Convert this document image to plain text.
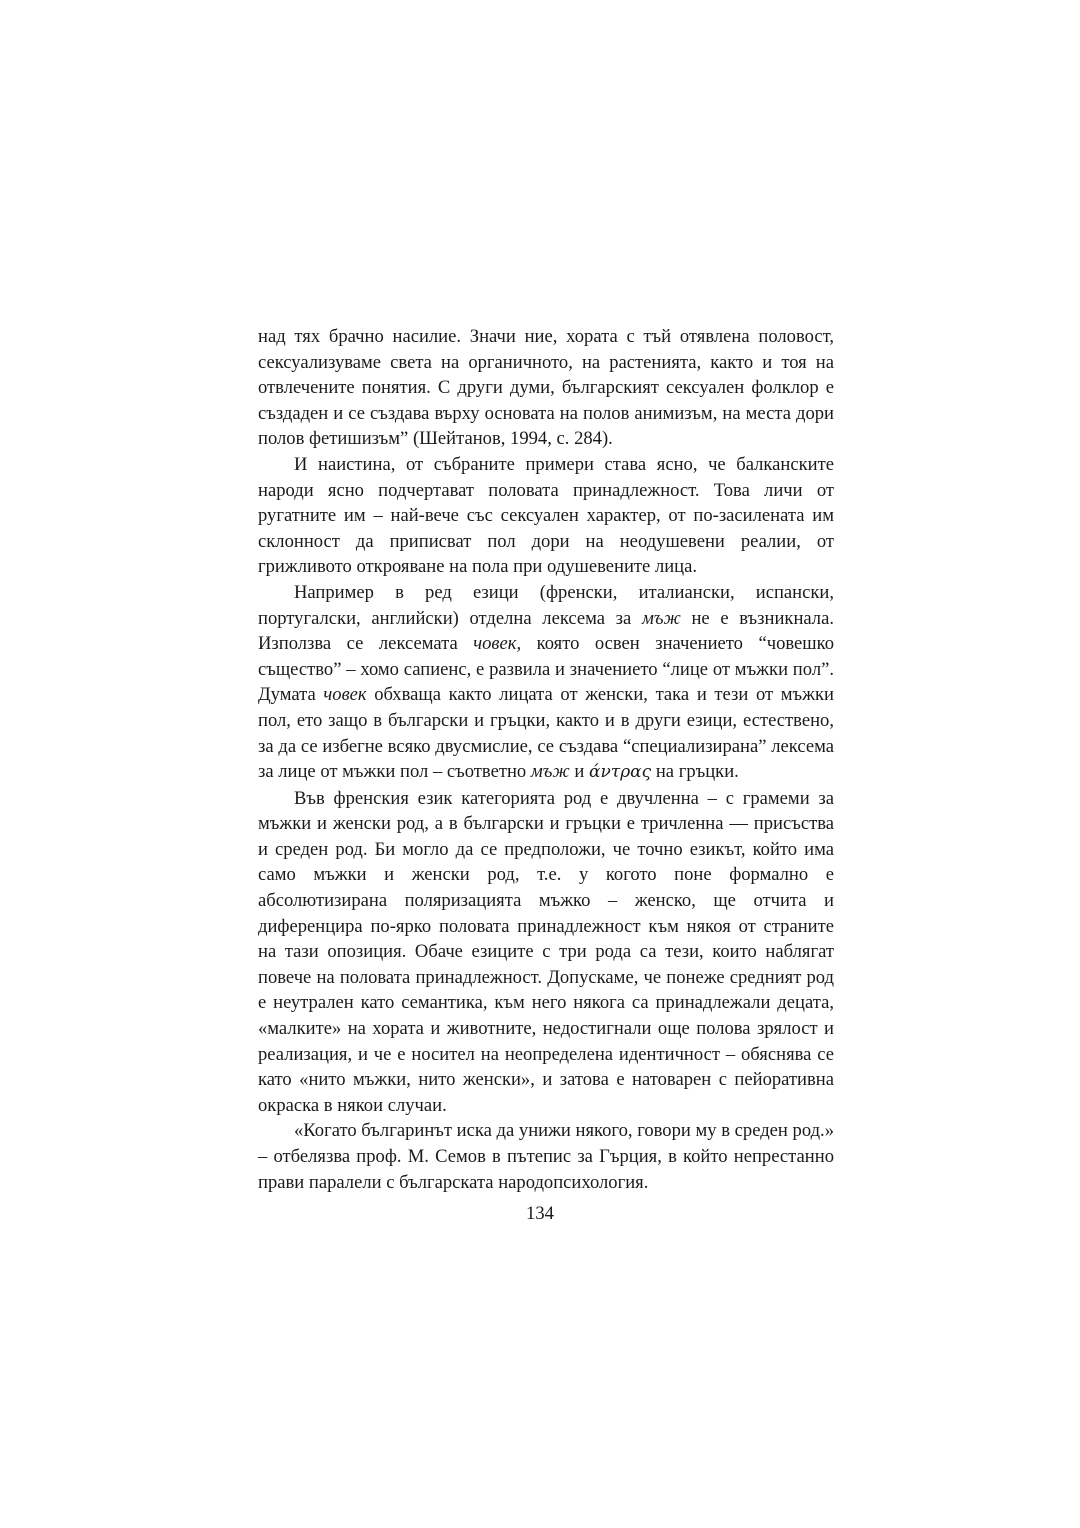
над тях брачно насилие. Значи ние, хората с тъй отявлена половост, сексуализуваме света на органичното, на растенията, както и тоя на отвлечените понятия. С други думи, българският сексуален фолклор е създаден и се създава върху основата на полов анимизъм, на места дори полов фетишизъм” (Шейтанов, 1994, с. 284).

И наистина, от събраните примери става ясно, че балканските народи ясно подчертават половата принадлежност. Това личи от ругатните им – най-вече със сексуален характер, от по-засилената им склонност да приписват пол дори на неодушевени реалии, от грижливото открояване на пола при одушевените лица.

Например в ред езици (френски, италиански, испански, португалски, английски) отделна лексема за мъж не е възникнала. Използва се лексемата човек, която освен значението “човешко същество” – хомо сапиенс, е развила и значението “лице от мъжки пол”. Думата човек обхваща както лицата от женски, така и тези от мъжки пол, ето защо в български и гръцки, както и в други езици, естествено, за да се избегне всяко двусмислие, се създава “специализирана” лексема за лице от мъжки пол – съответно мъж и άντρας на гръцки.

Във френския език категорията род е двучленна – с грамеми за мъжки и женски род, а в български и гръцки е тричленна — присъства и среден род. Би могло да се предположи, че точно езикът, който има само мъжки и женски род, т.е. у когото поне формално е абсолютизирана поляризацията мъжко – женско, ще отчита и диференцира по-ярко половата принадлежност към някоя от страните на тази опозиция. Обаче езиците с три рода са тези, които наблягат повече на половата принадлежност. Допускаме, че понеже средният род е неутрален като семантика, към него някога са принадлежали децата, «малките» на хората и животните, недостигнали още полова зрялост и реализация, и че е носител на неопределена идентичност – обяснява се като «нито мъжки, нито женски», и затова е натоварен с пейоративна окраска в някои случаи.

«Когато българинът иска да унижи някого, говори му в среден род.» – отбелязва проф. М. Семов в пътепис за Гърция, в който непрестанно прави паралели с българската народопсихология.

134
